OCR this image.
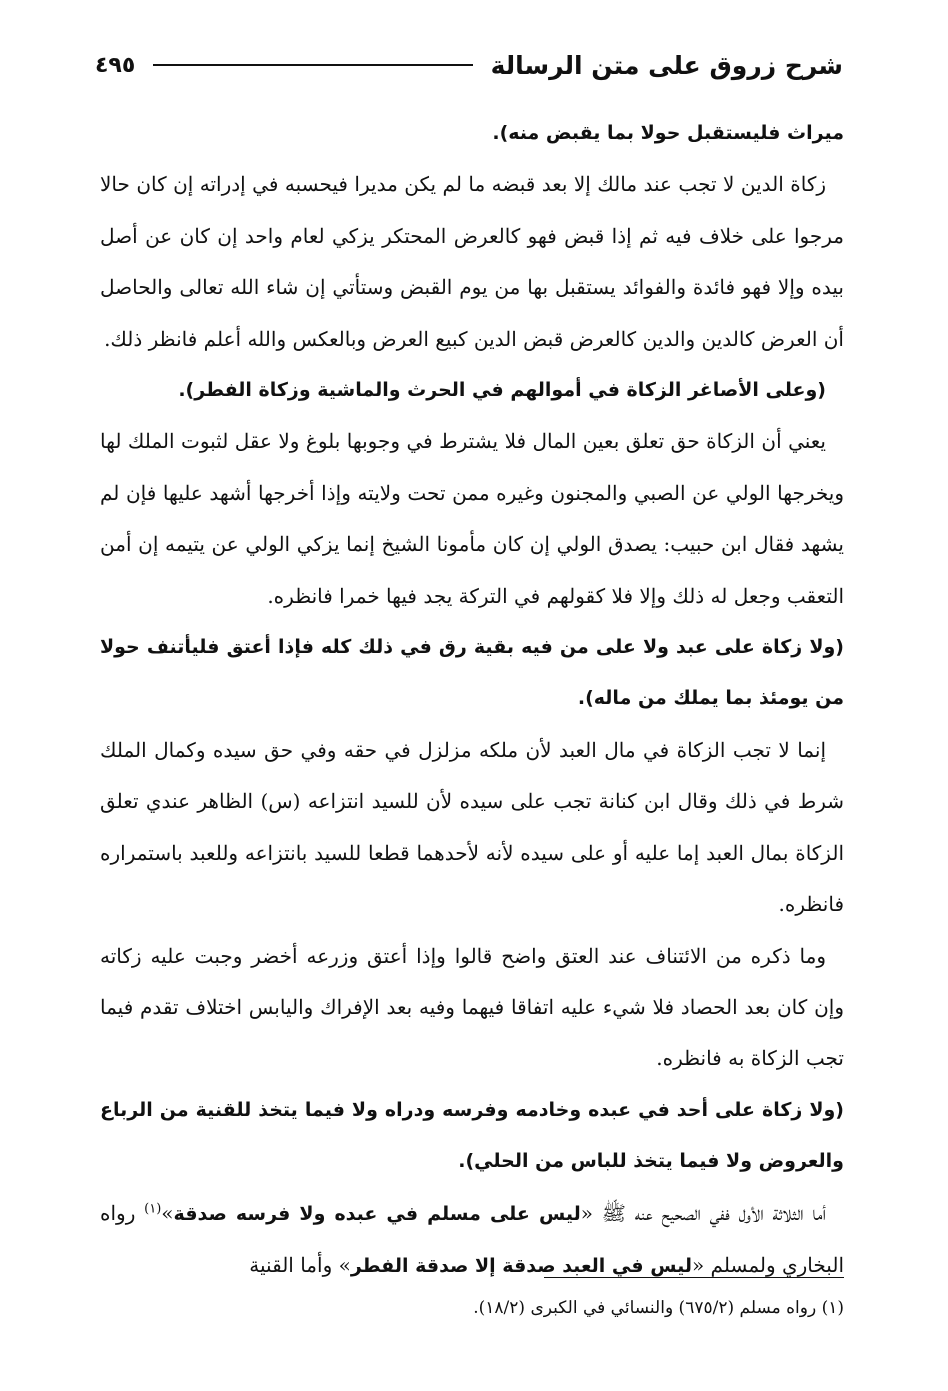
شرح زروق على متن الرسالة
٤٩٥

ميراث فليستقبل حولا بما يقبض منه).

زكاة الدين لا تجب عند مالك إلا بعد قبضه ما لم يكن مديرا فيحسبه في إدراته إن كان حالا مرجوا على خلاف فيه ثم إذا قبض فهو كالعرض المحتكر يزكي لعام واحد إن كان عن أصل بيده وإلا فهو فائدة والفوائد يستقبل بها من يوم القبض وستأتي إن شاء الله تعالى والحاصل أن العرض كالدين والدين كالعرض قبض الدين كبيع العرض وبالعكس والله أعلم فانظر ذلك.

(وعلى الأصاغر الزكاة في أموالهم في الحرث والماشية وزكاة الفطر).

يعني أن الزكاة حق تعلق بعين المال فلا يشترط في وجوبها بلوغ ولا عقل لثبوت الملك لها ويخرجها الولي عن الصبي والمجنون وغيره ممن تحت ولايته وإذا أخرجها أشهد عليها فإن لم يشهد فقال ابن حبيب: يصدق الولي إن كان مأمونا الشيخ إنما يزكي الولي عن يتيمه إن أمن التعقب وجعل له ذلك وإلا فلا كقولهم في التركة يجد فيها خمرا فانظره.

(ولا زكاة على عبد ولا على من فيه بقية رق في ذلك كله فإذا أعتق فليأتنف حولا من يومئذ بما يملك من ماله).

إنما لا تجب الزكاة في مال العبد لأن ملكه مزلزل في حقه وفي حق سيده وكمال الملك شرط في ذلك وقال ابن كنانة تجب على سيده لأن للسيد انتزاعه (س) الظاهر عندي تعلق الزكاة بمال العبد إما عليه أو على سيده لأنه لأحدهما قطعا للسيد بانتزاعه وللعبد باستمراره فانظره.

وما ذكره من الائتناف عند العتق واضح قالوا وإذا أعتق وزرعه أخضر وجبت عليه زكاته وإن كان بعد الحصاد فلا شيء عليه اتفاقا فيهما وفيه بعد الإفراك واليابس اختلاف تقدم فيما تجب الزكاة به فانظره.

(ولا زكاة على أحد في عبده وخادمه وفرسه ودراه ولا فيما يتخذ للقنية من الرباع والعروض ولا فيما يتخذ للباس من الحلي).

أما الثلاثة الأول ففي الصحيح عنه ﷺ «ليس على مسلم في عبده ولا فرسه صدقة»$^{(١)}$ رواه البخاري ولمسلم «ليس في العبد صدقة إلا صدقة الفطر» وأما القنية

(١) رواه مسلم (٦٧٥/٢) والنسائي في الكبرى (١٨/٢).
